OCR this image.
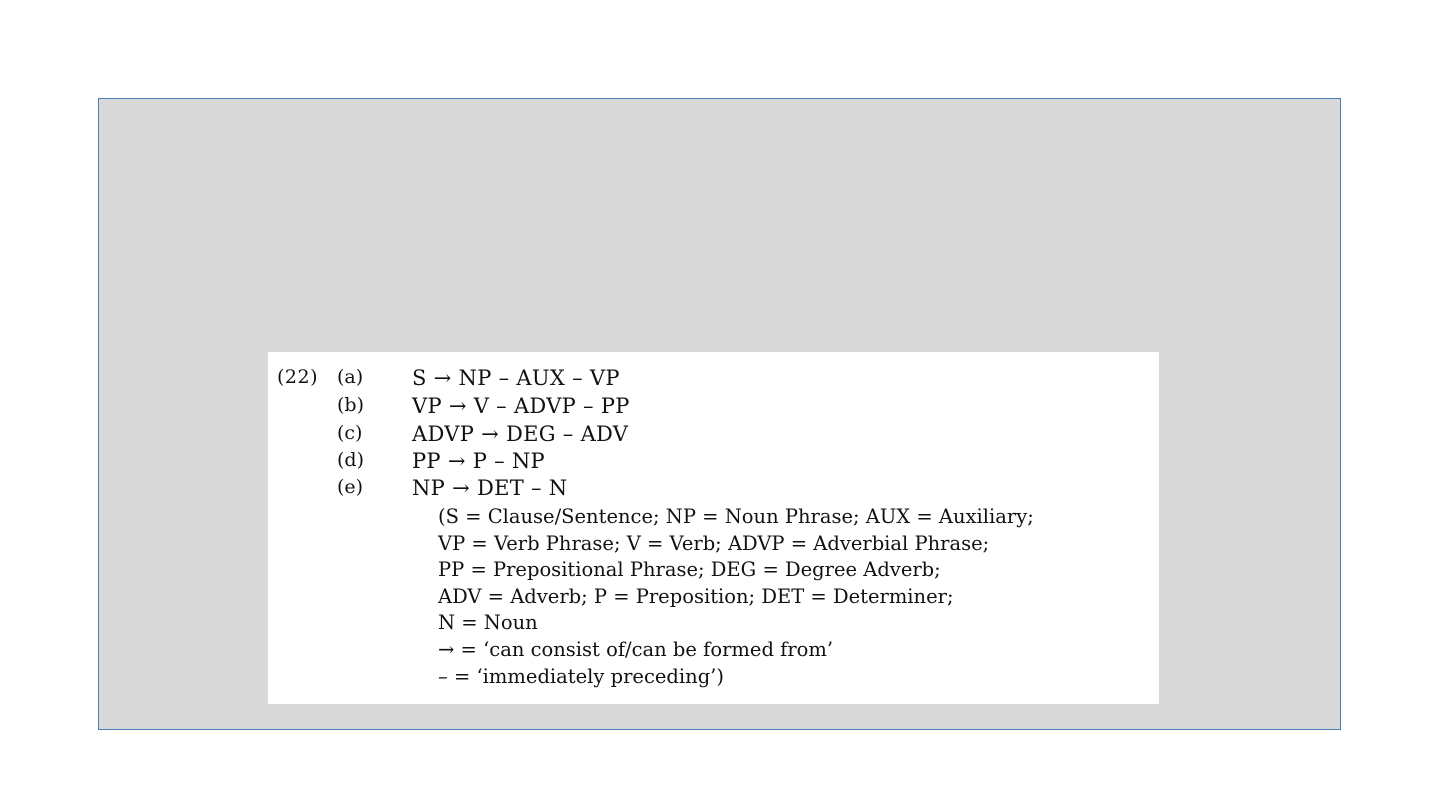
(22) (a) S → NP – AUX – VP
(b) VP → V – ADVP – PP
(c) ADVP → DEG – ADV
(d) PP → P – NP
(e) NP → DET – N
(S = Clause/Sentence; NP = Noun Phrase; AUX = Auxiliary;
VP = Verb Phrase; V = Verb; ADVP = Adverbial Phrase;
PP = Prepositional Phrase; DEG = Degree Adverb;
ADV = Adverb; P = Preposition; DET = Determiner;
N = Noun
→ = ‘can consist of/can be formed from’
– = ‘immediately preceding’)
